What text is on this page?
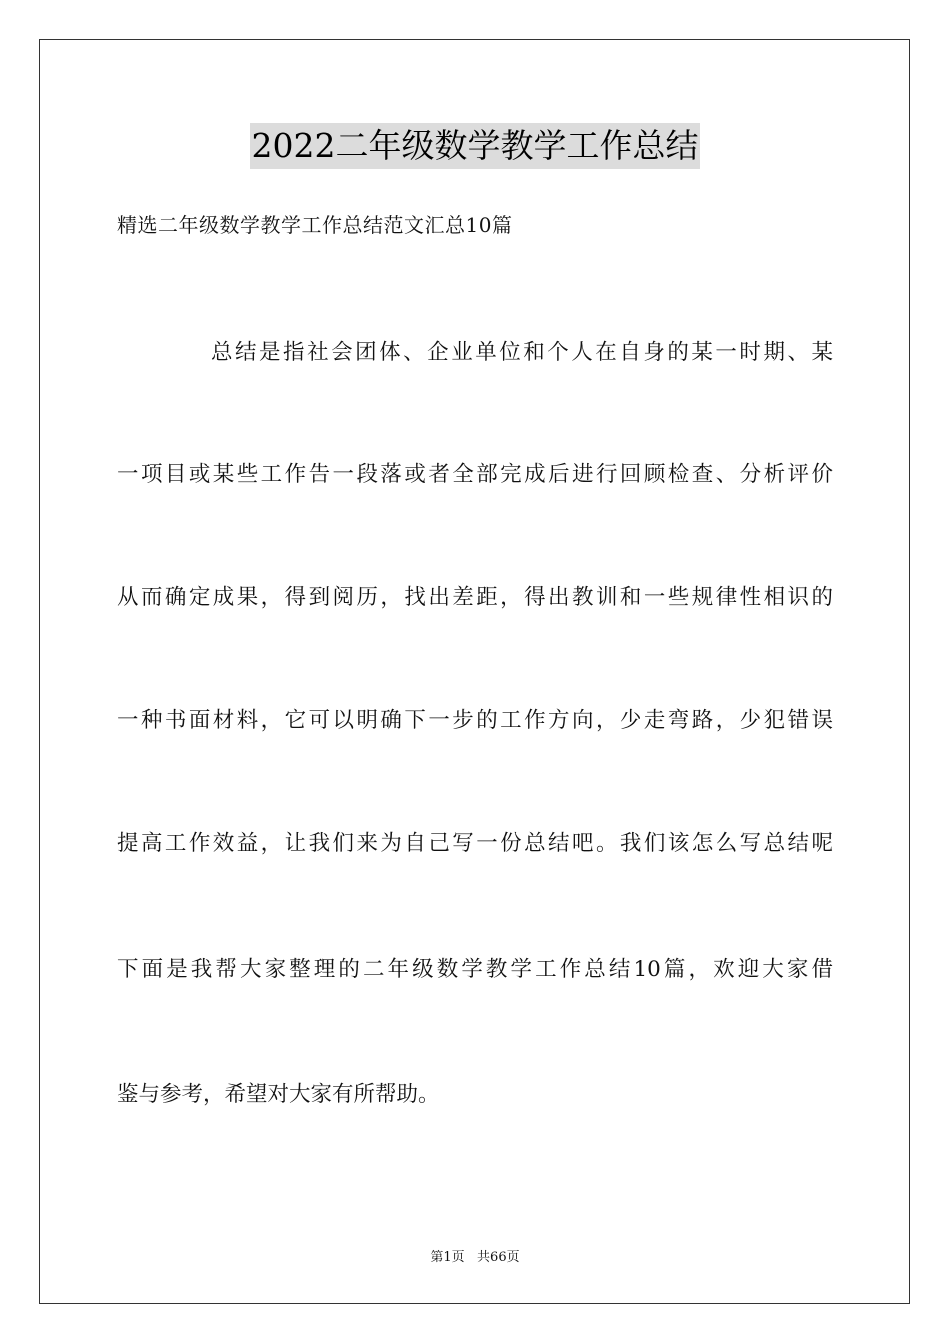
2022二年级数学教学工作总结
精选二年级数学教学工作总结范文汇总10篇
总结是指社会团体、企业单位和个人在自身的某一时期、某
一项目或某些工作告一段落或者全部完成后进行回顾检查、分析评价
从而确定成果，得到阅历，找出差距，得出教训和一些规律性相识的
一种书面材料，它可以明确下一步的工作方向，少走弯路，少犯错误
提高工作效益，让我们来为自己写一份总结吧。我们该怎么写总结呢
下面是我帮大家整理的二年级数学教学工作总结10篇，欢迎大家借
鉴与参考，希望对大家有所帮助。
第1页   共66页
